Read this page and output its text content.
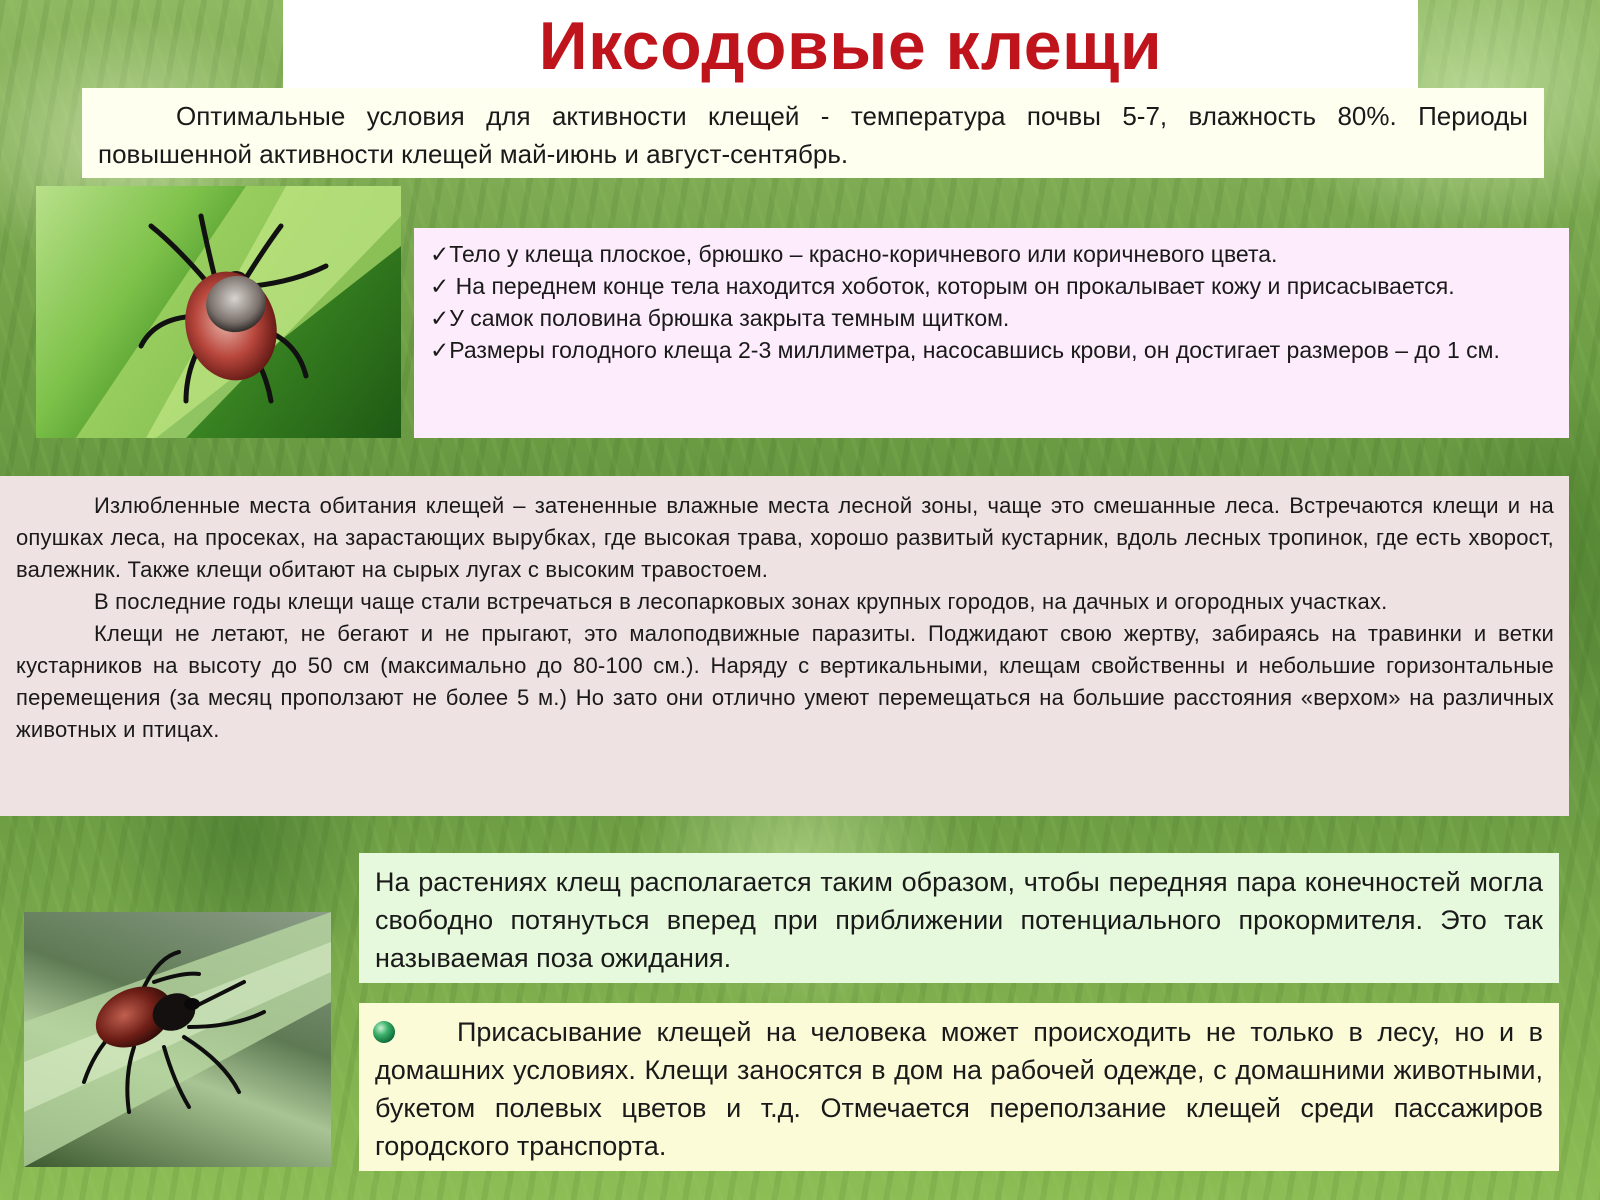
Иксодовые клещи

Оптимальные условия для активности клещей - температура почвы 5-7, влажность 80%. Периоды повышенной активности клещей май-июнь и август-сентябрь.

✓Тело у клеща плоское, брюшко – красно-коричневого или коричневого цвета.

✓ На переднем конце тела находится хоботок, которым он прокалывает кожу и присасывается.

✓У самок половина брюшка закрыта темным щитком.

✓Размеры голодного клеща 2-3 миллиметра, насосавшись крови, он достигает размеров – до 1 см.

Излюбленные места обитания клещей – затененные влажные места лесной зоны, чаще это смешанные леса. Встречаются клещи и на опушках леса, на просеках, на зарастающих вырубках, где высокая трава, хорошо развитый кустарник, вдоль лесных тропинок, где есть хворост, валежник. Также клещи обитают на сырых лугах с высоким травостоем.

В последние годы клещи чаще стали встречаться в лесопарковых зонах крупных городов, на дачных и огородных участках.

Клещи не летают, не бегают и не прыгают, это малоподвижные паразиты. Поджидают свою жертву, забираясь на травинки и ветки кустарников на высоту до 50 см (максимально до 80-100 см.). Наряду с вертикальными, клещам свойственны и небольшие горизонтальные перемещения (за месяц проползают не более 5 м.) Но зато они отлично умеют перемещаться на большие расстояния «верхом» на различных животных и птицах.

На растениях клещ располагается таким образом, чтобы передняя пара конечностей могла свободно потянуться вперед при приближении потенциального прокормителя. Это так называемая поза ожидания.

Присасывание клещей на человека может происходить не только в лесу, но и в домашних условиях. Клещи заносятся в дом на рабочей одежде, с домашними животными, букетом полевых цветов и т.д. Отмечается переползание клещей среди пассажиров городского транспорта.
